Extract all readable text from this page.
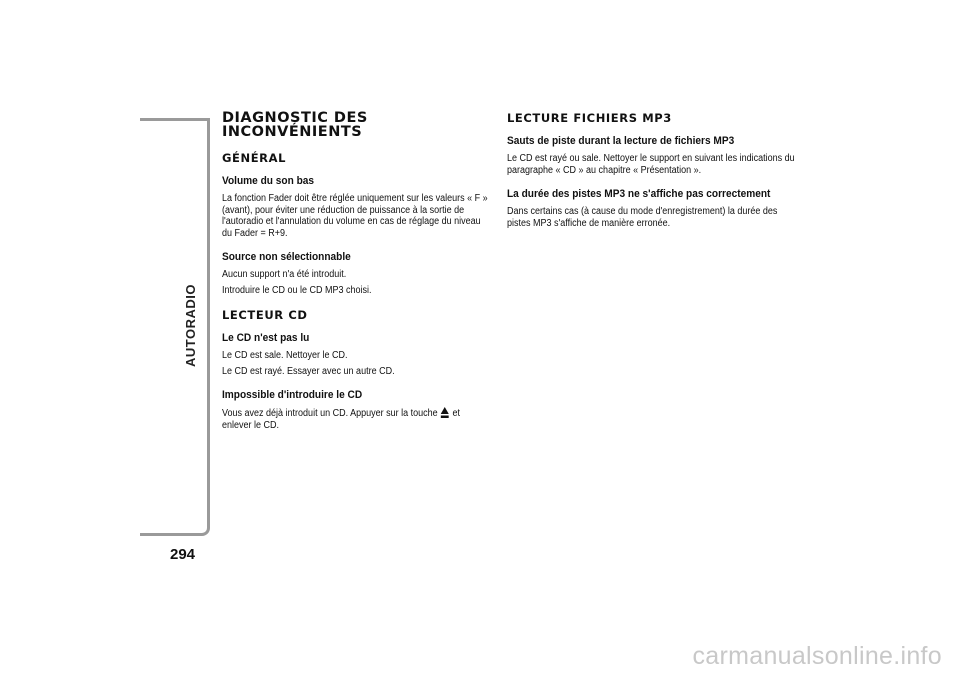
AUTORADIO
294
DIAGNOSTIC DES
INCONVÉNIENTS
GÉNÉRAL
Volume du son bas
La fonction Fader doit être réglée uniquement sur les valeurs « F » (avant), pour éviter une réduction de puissance à la sortie de l'autoradio et l'annulation du volume en cas de réglage du niveau du Fader = R+9.
Source non sélectionnable
Aucun support n'a été introduit.
Introduire le CD ou le CD MP3 choisi.
LECTEUR CD
Le CD n'est pas lu
Le CD est sale. Nettoyer le CD.
Le CD est rayé. Essayer avec un autre CD.
Impossible d'introduire le CD
Vous avez déjà introduit un CD. Appuyer sur la touche et enlever le CD.
LECTURE FICHIERS MP3
Sauts de piste durant la lecture de fichiers MP3
Le CD est rayé ou sale. Nettoyer le support en suivant les indications du paragraphe « CD » au chapitre « Présentation ».
La durée des pistes MP3 ne s'affiche pas correctement
Dans certains cas (à cause du mode d'enregistrement) la durée des pistes MP3 s'affiche de manière erronée.
carmanualsonline.info
